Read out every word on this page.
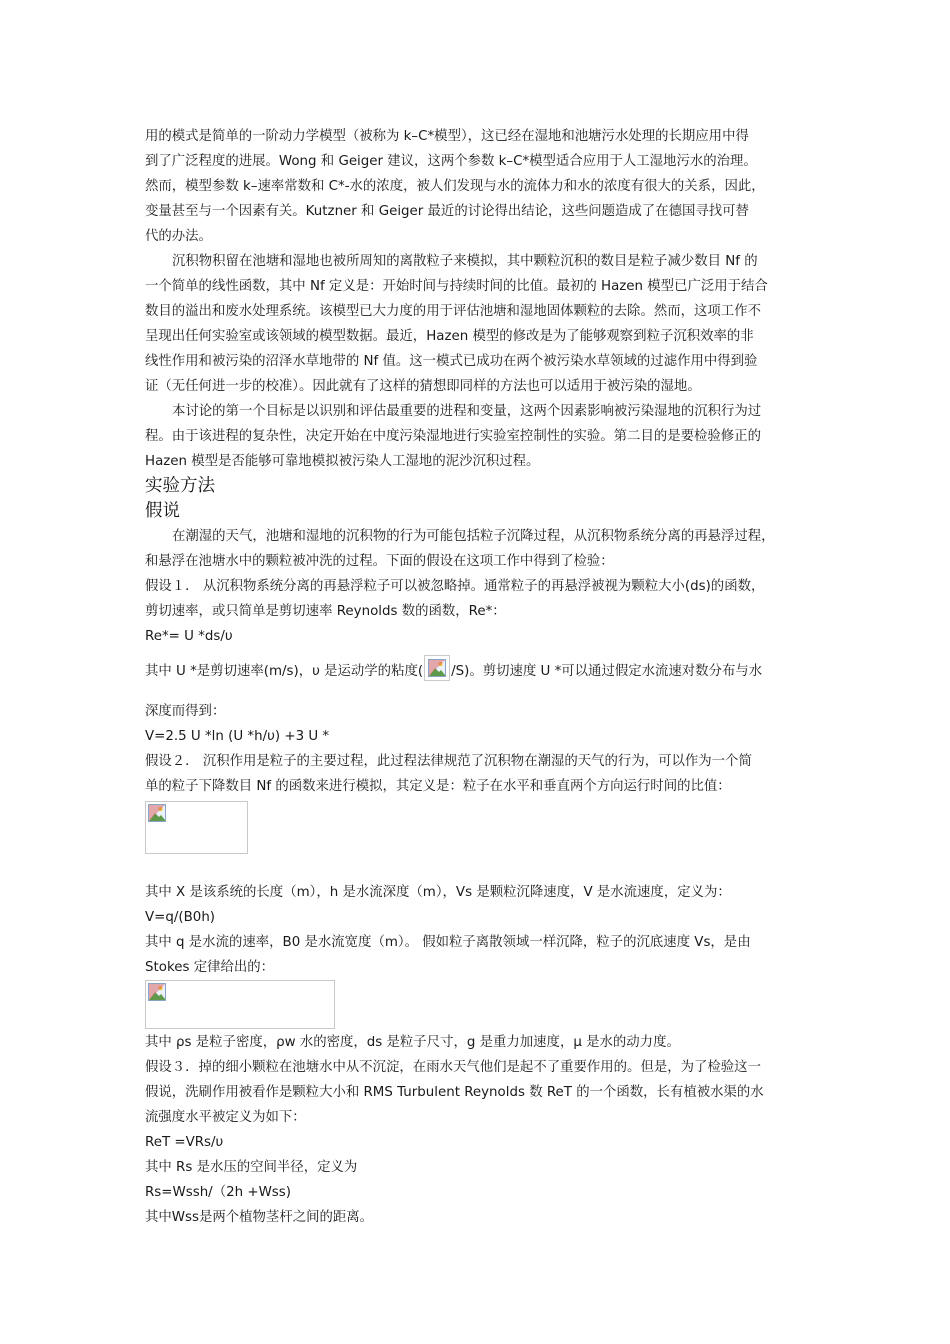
用的模式是简单的一阶动力学模型（被称为 k–C*模型），这已经在湿地和池塘污水处理的长期应用中得
到了广泛程度的进展。Wong 和 Geiger 建议，这两个参数 k–C*模型适合应用于人工湿地污水的治理。
然而，模型参数 k–速率常数和 C*-水的浓度，被人们发现与水的流体力和水的浓度有很大的关系，因此，
变量甚至与一个因素有关。Kutzner 和 Geiger 最近的讨论得出结论，这些问题造成了在德国寻找可替
代的办法。
沉积物积留在池塘和湿地也被所周知的离散粒子来模拟，其中颗粒沉积的数目是粒子减少数目 Nf 的
一个简单的线性函数，其中 Nf 定义是：开始时间与持续时间的比值。最初的 Hazen 模型已广泛用于结合
数目的溢出和废水处理系统。该模型已大力度的用于评估池塘和湿地固体颗粒的去除。然而，这项工作不
呈现出任何实验室或该领域的模型数据。最近，Hazen 模型的修改是为了能够观察到粒子沉积效率的非
线性作用和被污染的沼泽水草地带的 Nf 值。这一模式已成功在两个被污染水草领域的过滤作用中得到验
证（无任何进一步的校准）。因此就有了这样的猜想即同样的方法也可以适用于被污染的湿地。
本讨论的第一个目标是以识别和评估最重要的进程和变量，这两个因素影响被污染湿地的沉积行为过
程。由于该进程的复杂性，决定开始在中度污染湿地进行实验室控制性的实验。第二目的是要检验修正的
Hazen 模型是否能够可靠地模拟被污染人工湿地的泥沙沉积过程。
实验方法
假说
在潮湿的天气，池塘和湿地的沉积物的行为可能包括粒子沉降过程，从沉积物系统分离的再悬浮过程，
和悬浮在池塘水中的颗粒被冲洗的过程。下面的假设在这项工作中得到了检验：
假设１． 从沉积物系统分离的再悬浮粒子可以被忽略掉。通常粒子的再悬浮被视为颗粒大小(ds)的函数，
剪切速率，或只简单是剪切速率 Reynolds 数的函数，Re*：
Re*= U *ds/υ
其中 U *是剪切速率(m/s)，υ 是运动学的粘度( /S)。剪切速度 U *可以通过假定水流速对数分布与水
深度而得到：
V=2.5 U *ln (U *h/υ) +3 U *
假设２． 沉积作用是粒子的主要过程，此过程法律规范了沉积物在潮湿的天气的行为，可以作为一个简
单的粒子下降数目 Nf 的函数来进行模拟，其定义是：粒子在水平和垂直两个方向运行时间的比值：
其中 X 是该系统的长度（m），h 是水流深度（m），Vs 是颗粒沉降速度，V 是水流速度，定义为：
V=q/(B0h)
其中 q 是水流的速率，B0 是水流宽度（m）。 假如粒子离散领域一样沉降，粒子的沉底速度 Vs，是由
Stokes 定律给出的：
其中 ρs 是粒子密度，ρw 水的密度，ds 是粒子尺寸，g 是重力加速度，μ 是水的动力度。
假设３．掉的细小颗粒在池塘水中从不沉淀，在雨水天气他们是起不了重要作用的。但是，为了检验这一
假说，洗刷作用被看作是颗粒大小和 RMS Turbulent Reynolds 数 ReT 的一个函数，长有植被水渠的水
流强度水平被定义为如下：
ReT =VRs/υ
其中 Rs 是水压的空间半径，定义为
Rs=Wssh/（2h +Wss)
其中Wss是两个植物茎杆之间的距离。
